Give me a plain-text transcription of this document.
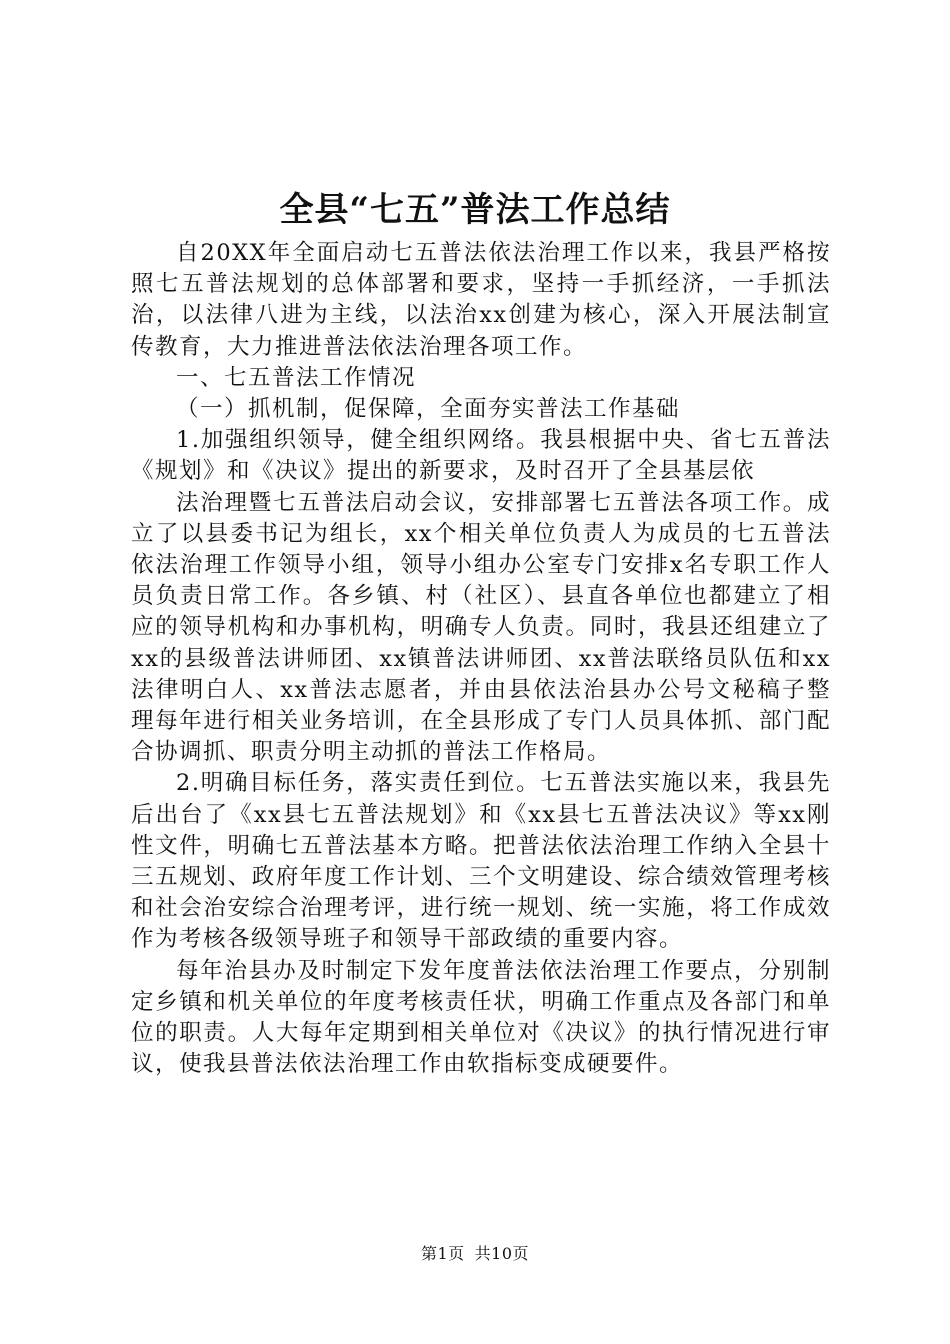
全县“七五”普法工作总结

自20XX年全面启动七五普法依法治理工作以来，我县严格按照七五普法规划的总体部署和要求，坚持一手抓经济，一手抓法治，以法律八进为主线，以法治xx创建为核心，深入开展法制宣传教育，大力推进普法依法治理各项工作。

一、七五普法工作情况

（一）抓机制，促保障，全面夯实普法工作基础

1.加强组织领导，健全组织网络。我县根据中央、省七五普法《规划》和《决议》提出的新要求，及时召开了全县基层依

法治理暨七五普法启动会议，安排部署七五普法各项工作。成立了以县委书记为组长，xx个相关单位负责人为成员的七五普法依法治理工作领导小组，领导小组办公室专门安排x名专职工作人员负责日常工作。各乡镇、村（社区）、县直各单位也都建立了相应的领导机构和办事机构，明确专人负责。同时，我县还组建立了xx的县级普法讲师团、xx镇普法讲师团、xx普法联络员队伍和xx法律明白人、xx普法志愿者，并由县依法治县办公号文秘稿子整理每年进行相关业务培训，在全县形成了专门人员具体抓、部门配合协调抓、职责分明主动抓的普法工作格局。

2.明确目标任务，落实责任到位。七五普法实施以来，我县先后出台了《xx县七五普法规划》和《xx县七五普法决议》等xx刚性文件，明确七五普法基本方略。把普法依法治理工作纳入全县十三五规划、政府年度工作计划、三个文明建设、综合绩效管理考核和社会治安综合治理考评，进行统一规划、统一实施，将工作成效作为考核各级领导班子和领导干部政绩的重要内容。

每年治县办及时制定下发年度普法依法治理工作要点，分别制定乡镇和机关单位的年度考核责任状，明确工作重点及各部门和单位的职责。人大每年定期到相关单位对《决议》的执行情况进行审议，使我县普法依法治理工作由软指标变成硬要件。

第1页 共10页
